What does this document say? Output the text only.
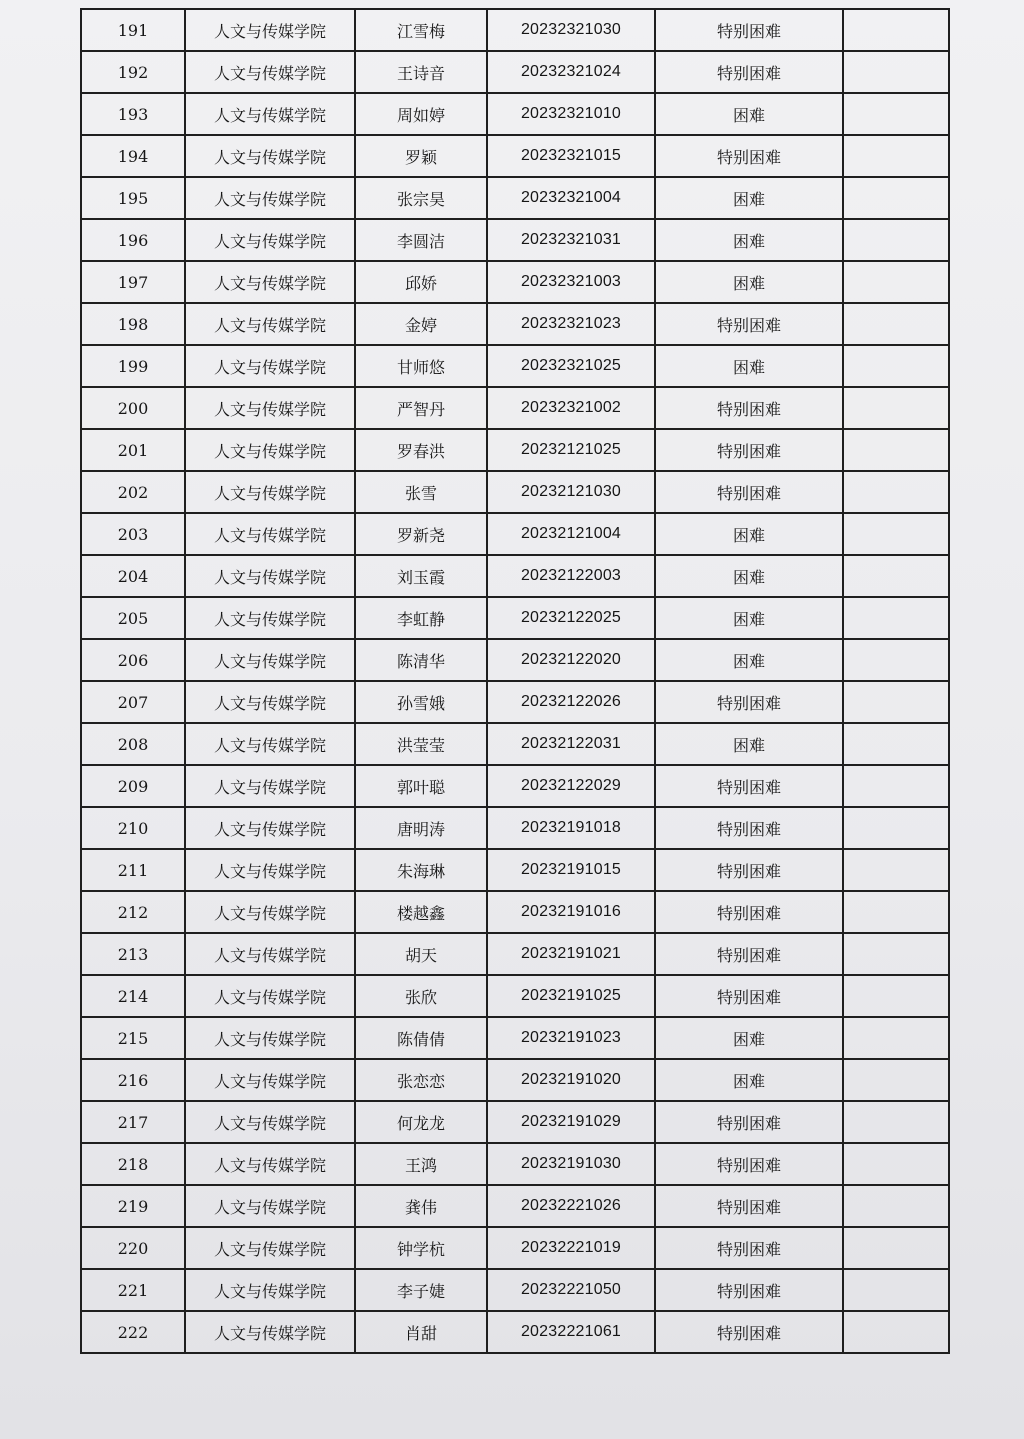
191	人文与传媒学院	江雪梅	20232321030	特别困难	
192	人文与传媒学院	王诗音	20232321024	特别困难	
193	人文与传媒学院	周如婷	20232321010	困难	
194	人文与传媒学院	罗颖	20232321015	特别困难	
195	人文与传媒学院	张宗昊	20232321004	困难	
196	人文与传媒学院	李圆洁	20232321031	困难	
197	人文与传媒学院	邱娇	20232321003	困难	
198	人文与传媒学院	金婷	20232321023	特别困难	
199	人文与传媒学院	甘师悠	20232321025	困难	
200	人文与传媒学院	严智丹	20232321002	特别困难	
201	人文与传媒学院	罗春洪	20232121025	特别困难	
202	人文与传媒学院	张雪	20232121030	特别困难	
203	人文与传媒学院	罗新尧	20232121004	困难	
204	人文与传媒学院	刘玉霞	20232122003	困难	
205	人文与传媒学院	李虹静	20232122025	困难	
206	人文与传媒学院	陈清华	20232122020	困难	
207	人文与传媒学院	孙雪娥	20232122026	特别困难	
208	人文与传媒学院	洪莹莹	20232122031	困难	
209	人文与传媒学院	郭叶聪	20232122029	特别困难	
210	人文与传媒学院	唐明涛	20232191018	特别困难	
211	人文与传媒学院	朱海琳	20232191015	特别困难	
212	人文与传媒学院	楼越鑫	20232191016	特别困难	
213	人文与传媒学院	胡天	20232191021	特别困难	
214	人文与传媒学院	张欣	20232191025	特别困难	
215	人文与传媒学院	陈倩倩	20232191023	困难	
216	人文与传媒学院	张恋恋	20232191020	困难	
217	人文与传媒学院	何龙龙	20232191029	特别困难	
218	人文与传媒学院	王鸿	20232191030	特别困难	
219	人文与传媒学院	龚伟	20232221026	特别困难	
220	人文与传媒学院	钟学杭	20232221019	特别困难	
221	人文与传媒学院	李子婕	20232221050	特别困难	
222	人文与传媒学院	肖甜	20232221061	特别困难	
